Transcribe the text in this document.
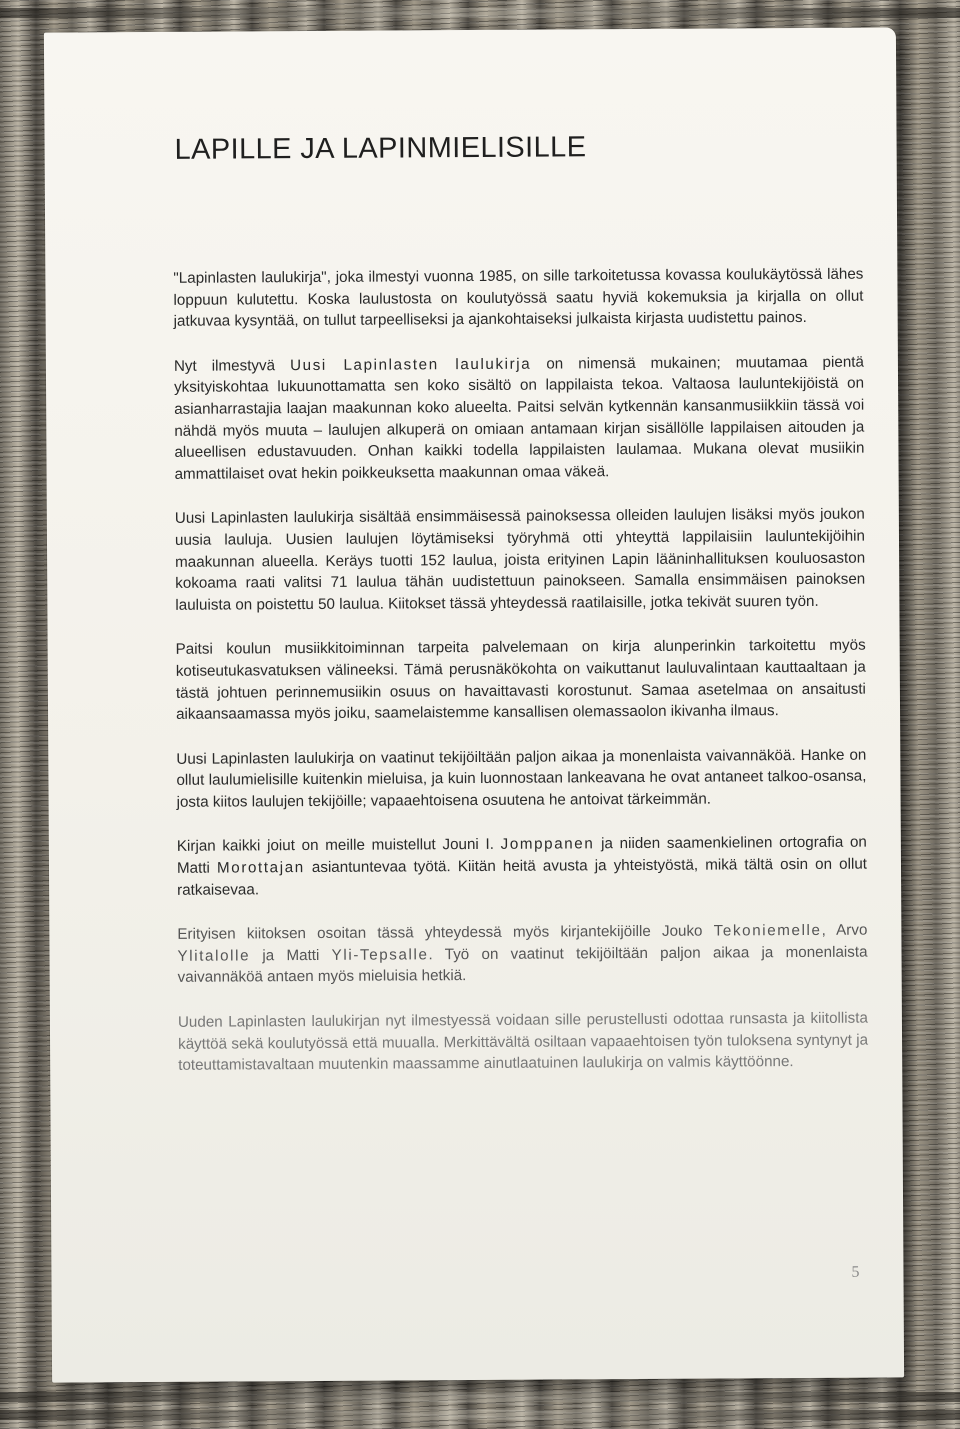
LAPILLE JA LAPINMIELISILLE

"Lapinlasten laulukirja", joka ilmestyi vuonna 1985, on sille tarkoitetussa kovassa koulukäytössä lähes loppuun kulutettu. Koska laulustosta on koulutyössä saatu hyviä kokemuksia ja kirjalla on ollut jatkuvaa kysyntää, on tullut tarpeelliseksi ja ajankohtaiseksi julkaista kirjasta uudistettu painos.

Nyt ilmestyvä Uusi Lapinlasten laulukirja on nimensä mukainen; muutamaa pientä yksityiskohtaa lukuunottamatta sen koko sisältö on lappilaista tekoa. Valtaosa lauluntekijöistä on asianharrastajia laajan maakunnan koko alueelta. Paitsi selvän kytkennän kansanmusiikkiin tässä voi nähdä myös muuta – laulujen alkuperä on omiaan antamaan kirjan sisällölle lappilaisen aitouden ja alueellisen edustavuuden. Onhan kaikki todella lappilaisten laulamaa. Mukana olevat musiikin ammattilaiset ovat hekin poikkeuksetta maakunnan omaa väkeä.

Uusi Lapinlasten laulukirja sisältää ensimmäisessä painoksessa olleiden laulujen lisäksi myös joukon uusia lauluja. Uusien laulujen löytämiseksi työryhmä otti yhteyttä lappilaisiin lauluntekijöihin maakunnan alueella. Keräys tuotti 152 laulua, joista erityinen Lapin lääninhallituksen kouluosaston kokoama raati valitsi 71 laulua tähän uudistettuun painokseen. Samalla ensimmäisen painoksen lauluista on poistettu 50 laulua. Kiitokset tässä yhteydessä raatilaisille, jotka tekivät suuren työn.

Paitsi koulun musiikkitoiminnan tarpeita palvelemaan on kirja alunperinkin tarkoitettu myös kotiseutukasvatuksen välineeksi. Tämä perusnäkökohta on vaikuttanut lauluvalintaan kauttaaltaan ja tästä johtuen perinnemusiikin osuus on havaittavasti korostunut. Samaa asetelmaa on ansaitusti aikaansaamassa myös joiku, saamelaistemme kansallisen olemassaolon ikivanha ilmaus.

Uusi Lapinlasten laulukirja on vaatinut tekijöiltään paljon aikaa ja monenlaista vaivannäköä. Hanke on ollut laulumielisille kuitenkin mieluisa, ja kuin luonnostaan lankeavana he ovat antaneet talkoo-osansa, josta kiitos laulujen tekijöille; vapaaehtoisena osuutena he antoivat tärkeimmän.

Kirjan kaikki joiut on meille muistellut Jouni I. Jomppanen ja niiden saamenkielinen ortografia on Matti Morottajan asiantuntevaa työtä. Kiitän heitä avusta ja yhteistyöstä, mikä tältä osin on ollut ratkaisevaa.

Erityisen kiitoksen osoitan tässä yhteydessä myös kirjantekijöille Jouko Tekoniemelle, Arvo Ylitalolle ja Matti Yli-Tepsalle. Työ on vaatinut tekijöiltään paljon aikaa ja monenlaista vaivannäköä antaen myös mieluisia hetkiä.

Uuden Lapinlasten laulukirjan nyt ilmestyessä voidaan sille perustellusti odottaa runsasta ja kiitollista käyttöä sekä koulutyössä että muualla. Merkittävältä osiltaan vapaaehtoisen työn tuloksena syntynyt ja toteuttamistavaltaan muutenkin maassamme ainutlaatuinen laulukirja on valmis käyttöönne.

5
